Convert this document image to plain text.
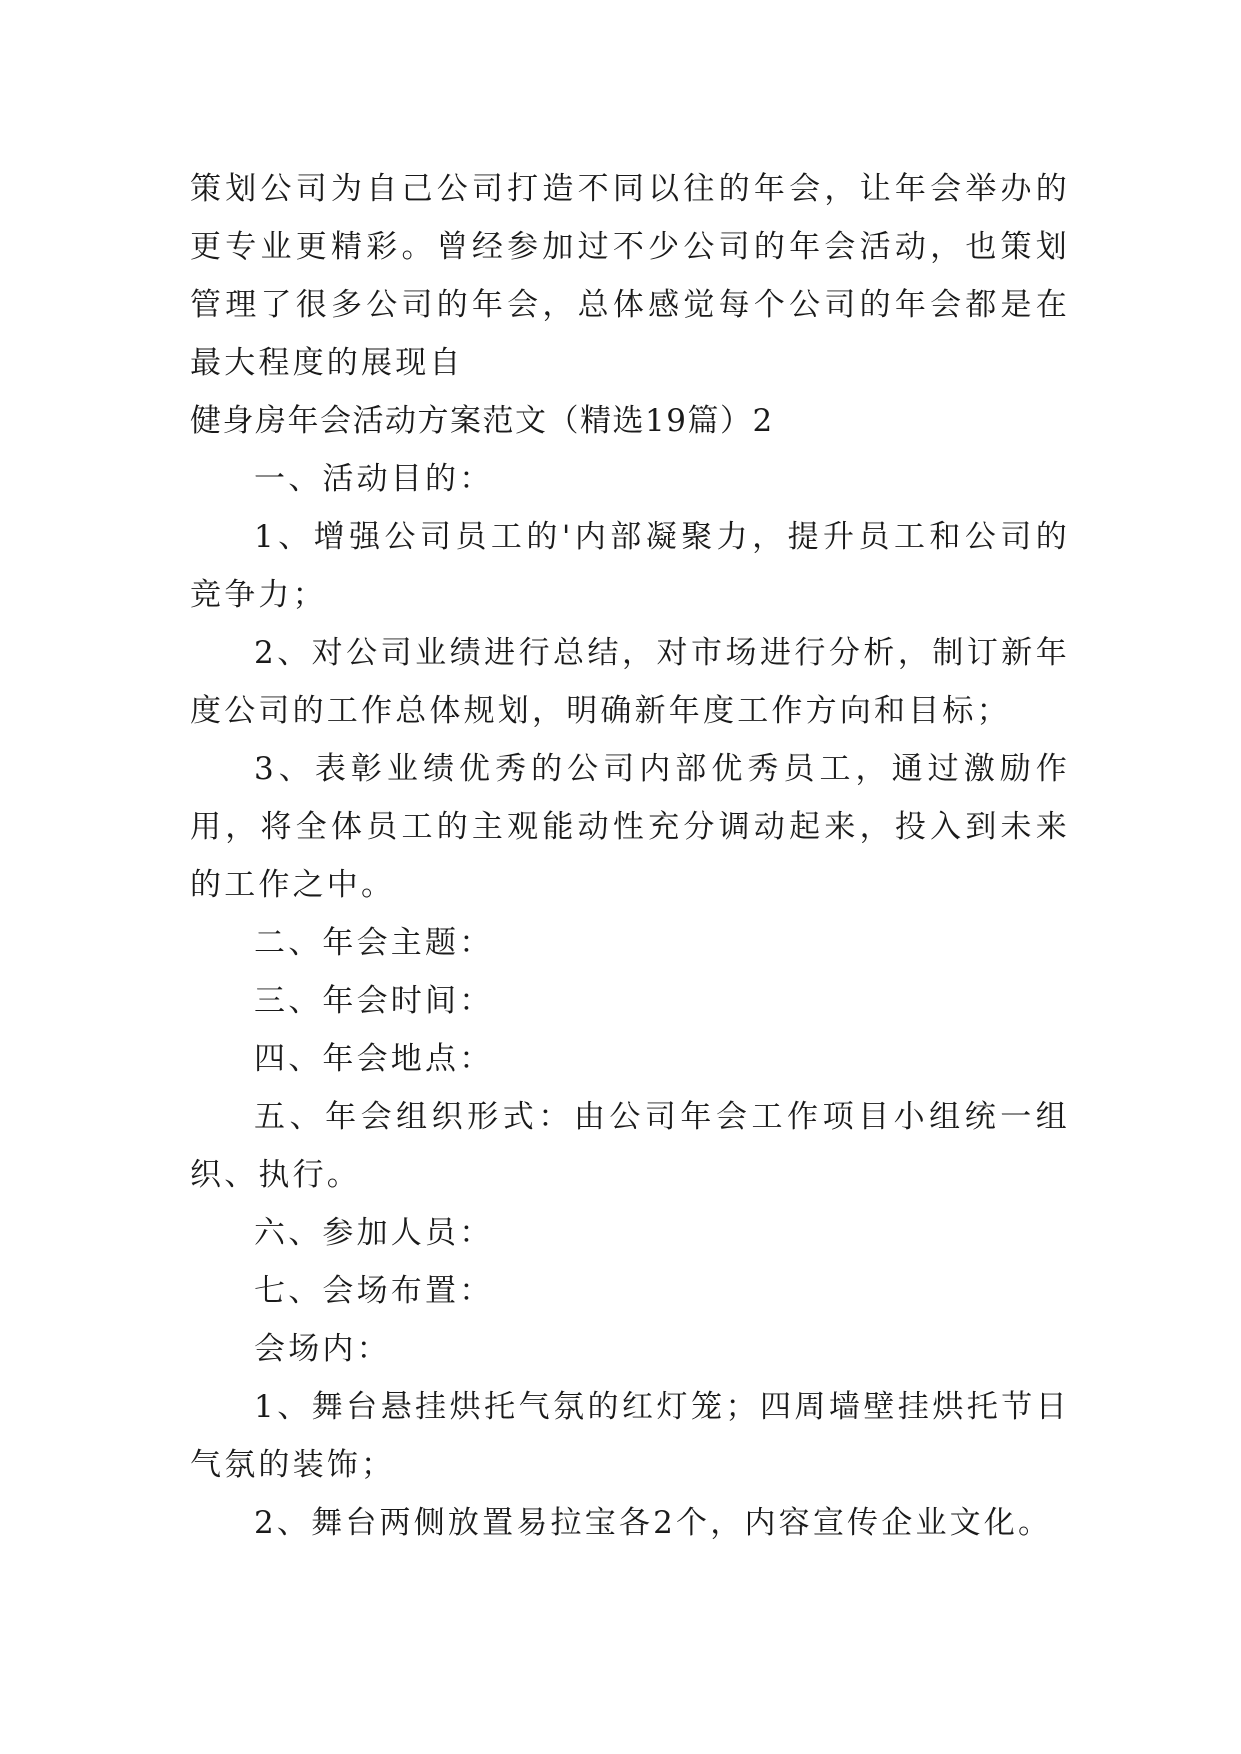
策划公司为自己公司打造不同以往的年会，让年会举办的更专业更精彩。曾经参加过不少公司的年会活动，也策划管理了很多公司的年会，总体感觉每个公司的年会都是在最大程度的展现自

健身房年会活动方案范文（精选19篇）2

一、活动目的：

1、增强公司员工的'内部凝聚力，提升员工和公司的竞争力；

2、对公司业绩进行总结，对市场进行分析，制订新年度公司的工作总体规划，明确新年度工作方向和目标；

3、表彰业绩优秀的公司内部优秀员工，通过激励作用，将全体员工的主观能动性充分调动起来，投入到未来的工作之中。

二、年会主题：

三、年会时间：

四、年会地点：

五、年会组织形式：由公司年会工作项目小组统一组织、执行。

六、参加人员：

七、会场布置：

会场内：

1、舞台悬挂烘托气氛的红灯笼；四周墙壁挂烘托节日气氛的装饰；

2、舞台两侧放置易拉宝各2个，内容宣传企业文化。
